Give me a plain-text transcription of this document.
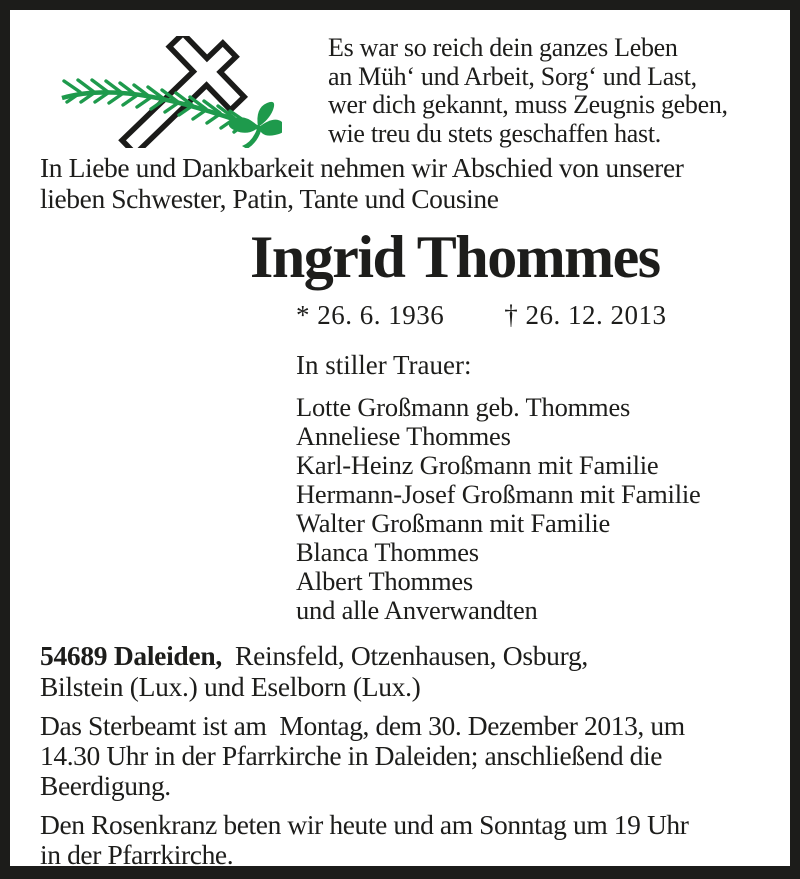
Es war so reich dein ganzes Leben
an Müh‘ und Arbeit, Sorg‘ und Last,
wer dich gekannt, muss Zeugnis geben,
wie treu du stets geschaffen hast.
In Liebe und Dankbarkeit nehmen wir Abschied von unserer
lieben Schwester, Patin, Tante und Cousine
Ingrid Thommes
* 26. 6. 1936 † 26. 12. 2013
In stiller Trauer:
Lotte Großmann geb. Thommes
Anneliese Thommes
Karl-Heinz Großmann mit Familie
Hermann-Josef Großmann mit Familie
Walter Großmann mit Familie
Blanca Thommes
Albert Thommes
und alle Anverwandten
54689 Daleiden,  Reinsfeld, Otzenhausen, Osburg,
Bilstein (Lux.) und Eselborn (Lux.)
Das Sterbeamt ist am  Montag, dem 30. Dezember 2013, um
14.30 Uhr in der Pfarrkirche in Daleiden; anschließend die
Beerdigung.
Den Rosenkranz beten wir heute und am Sonntag um 19 Uhr
in der Pfarrkirche.
